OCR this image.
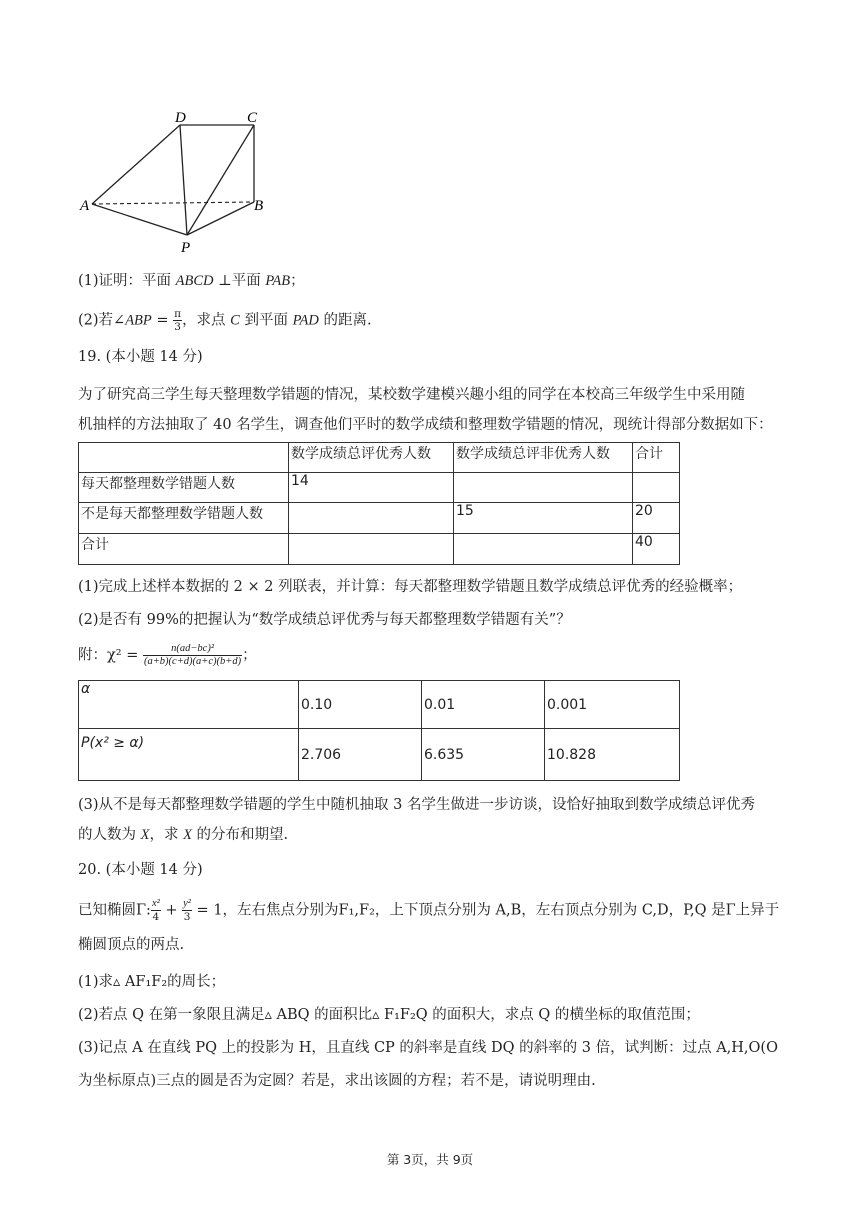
D	C
A	B
P
(1)证明：平面 ABCD ⊥平面 PAB；
(2)若∠ABP = $\frac{\pi}{3}$ ，求点 C 到平面 PAD 的距离.
19. (本小题 14 分)
为了研究高三学生每天整理数学错题的情况，某校数学建模兴趣小组的同学在本校高三年级学生中采用随
机抽样的方法抽取了 40 名学生，调查他们平时的数学成绩和整理数学错题的情况，现统计得部分数据如下：
	数学成绩总评优秀人数	数学成绩总评非优秀人数	合计
每天都整理数学错题人数	14		
不是每天都整理数学错题人数		15	20
合计			40
(1)完成上述样本数据的 2 × 2 列联表，并计算：每天都整理数学错题且数学成绩总评优秀的经验概率；
(2)是否有 99%的把握认为“数学成绩总评优秀与每天都整理数学错题有关”？
附：$\chi^2 = \frac{\text{n(ad−bc)²}}{(a+b)(c+d)(a+c)(b+d)}$ ；
α	0.10	0.01	0.001
P(x² ≥ α)	2.706	6.635	10.828
(3)从不是每天都整理数学错题的学生中随机抽取 3 名学生做进一步访谈，设恰好抽取到数学成绩总评优秀
的人数为 X，求 X 的分布和期望.
20. (本小题 14 分)
已知椭圆Γ: $\frac{\text{x²}}{4} + \frac{\text{y²}}{3} = 1$，左右焦点分别为F₁,F₂，上下顶点分别为 A,B，左右顶点分别为 C,D，P,Q 是Γ上异于
椭圆顶点的两点.
(1)求▵ AF₁F₂的周长；
(2)若点 Q 在第一象限且满足▵ ABQ 的面积比▵ F₁F₂Q 的面积大，求点 Q 的横坐标的取值范围；
(3)记点 A 在直线 PQ 上的投影为 H，且直线 CP 的斜率是直线 DQ 的斜率的 3 倍，试判断：过点 A,H,O(O
为坐标原点)三点的圆是否为定圆？若是，求出该圆的方程；若不是，请说明理由.
第 3页，共 9页
